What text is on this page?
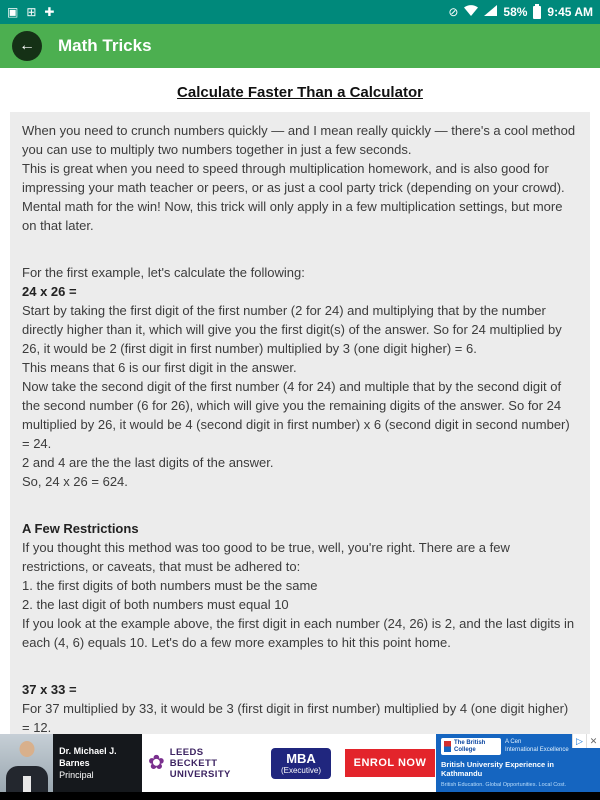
▣ ⊞ ✚	⊘	58% 9:45 AM
← Math Tricks
Calculate Faster Than a Calculator

When you need to crunch numbers quickly — and I mean really quickly — there's a cool method you can use to multiply two numbers together in just a few seconds.

This is great when you need to speed through multiplication homework, and is also good for impressing your math teacher or peers, or as just a cool party trick (depending on your crowd). Mental math for the win! Now, this trick will only apply in a few multiplication settings, but more on that later.

For the first example, let's calculate the following:

24 x 26 =

Start by taking the first digit of the first number (2 for 24) and multiplying that by the number directly higher than it, which will give you the first digit(s) of the answer. So for 24 multiplied by 26, it would be 2 (first digit in first number) multiplied by 3 (one digit higher) = 6.

This means that 6 is our first digit in the answer.

Now take the second digit of the first number (4 for 24) and multiple that by the second digit of the second number (6 for 26), which will give you the remaining digits of the answer. So for 24 multiplied by 26, it would be 4 (second digit in first number) x 6 (second digit in second number) = 24.

2 and 4 are the the last digits of the answer.

So, 24 x 26 = 624.

A Few Restrictions

If you thought this method was too good to be true, well, you're right. There are a few restrictions, or caveats, that must be adhered to:

1. the first digits of both numbers must be the same

2. the last digit of both numbers must equal 10

If you look at the example above, the first digit in each number (24, 26) is 2, and the last digits in each (4, 6) equals 10. Let's do a few more examples to hit this point home.

37 x 33 =

For 37 multiplied by 33, it would be 3 (first digit in first number) multiplied by 4 (one digit higher) = 12.

Dr. Michael J. Barnes
Principal
✿ LEEDS
BECKETT
UNIVERSITY
MBA
(Executive)
ENROL NOW
The British College
A Cen
International Excellence
British University Experience in Kathmandu
British Education. Global Opportunities. Local Cost.
▷ ✕
